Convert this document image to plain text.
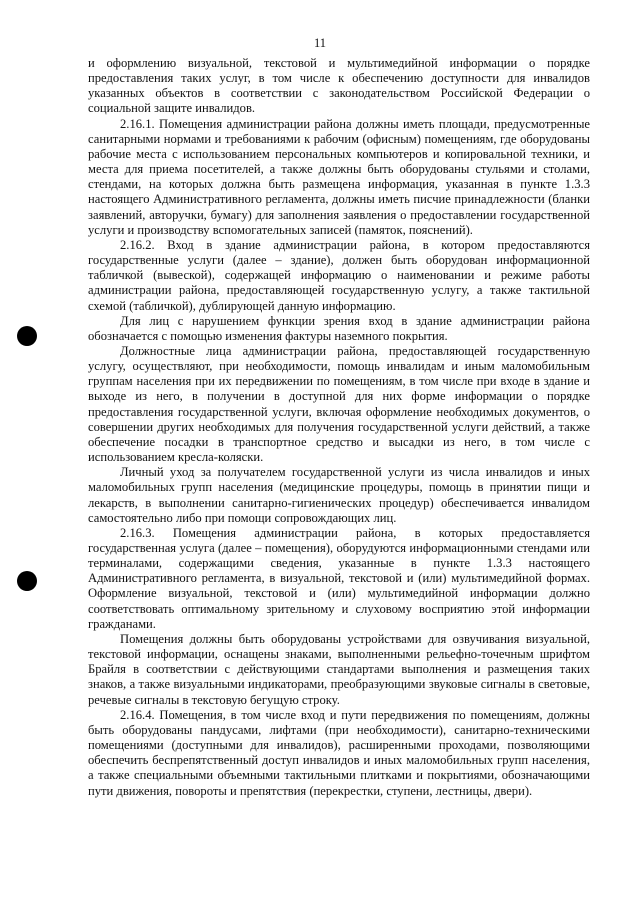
11

и оформлению визуальной, текстовой и мультимедийной информации о порядке предоставления таких услуг, в том числе к обеспечению доступности для инвалидов указанных объектов в соответствии с законодательством Российской Федерации о социальной защите инвалидов.

2.16.1. Помещения администрации района должны иметь площади, предусмотренные санитарными нормами и требованиями к рабочим (офисным) помещениям, где оборудованы рабочие места с использованием персональных компьютеров и копировальной техники, и места для приема посетителей, а также должны быть оборудованы стульями и столами, стендами, на которых должна быть размещена информация, указанная в пункте 1.3.3 настоящего Административного регламента, должны иметь писчие принадлежности (бланки заявлений, авторучки, бумагу) для заполнения заявления о предоставлении государственной услуги и производству вспомогательных записей (памяток, пояснений).

2.16.2. Вход в здание администрации района, в котором предоставляются государственные услуги (далее – здание), должен быть оборудован информационной табличкой (вывеской), содержащей информацию о наименовании и режиме работы администрации района, предоставляющей государственную услугу, а также тактильной схемой (табличкой), дублирующей данную информацию.

Для лиц с нарушением функции зрения вход в здание администрации района обозначается с помощью изменения фактуры наземного покрытия.

Должностные лица администрации района, предоставляющей государственную услугу, осуществляют, при необходимости, помощь инвалидам и иным маломобильным группам населения при их передвижении по помещениям, в том числе при входе в здание и выходе из него, в получении в доступной для них форме информации о порядке предоставления государственной услуги, включая оформление необходимых документов, о совершении других необходимых для получения государственной услуги действий, а также обеспечение посадки в транспортное средство и высадки из него, в том числе с использованием кресла-коляски.

Личный уход за получателем государственной услуги из числа инвалидов и иных маломобильных групп населения (медицинские процедуры, помощь в принятии пищи и лекарств, в выполнении санитарно-гигиенических процедур) обеспечивается инвалидом самостоятельно либо при помощи сопровождающих лиц.

2.16.3. Помещения администрации района, в которых предоставляется государственная услуга (далее – помещения), оборудуются информационными стендами или терминалами, содержащими сведения, указанные в пункте 1.3.3 настоящего Административного регламента, в визуальной, текстовой и (или) мультимедийной формах. Оформление визуальной, текстовой и (или) мультимедийной информации должно соответствовать оптимальному зрительному и слуховому восприятию этой информации гражданами.

Помещения должны быть оборудованы устройствами для озвучивания визуальной, текстовой информации, оснащены знаками, выполненными рельефно-точечным шрифтом Брайля в соответствии с действующими стандартами выполнения и размещения таких знаков, а также визуальными индикаторами, преобразующими звуковые сигналы в световые, речевые сигналы в текстовую бегущую строку.

2.16.4. Помещения, в том числе вход и пути передвижения по помещениям, должны быть оборудованы пандусами, лифтами (при необходимости), санитарно-техническими помещениями (доступными для инвалидов), расширенными проходами, позволяющими обеспечить беспрепятственный доступ инвалидов и иных маломобильных групп населения, а также специальными объемными тактильными плитками и покрытиями, обозначающими пути движения, повороты и препятствия (перекрестки, ступени, лестницы, двери).
